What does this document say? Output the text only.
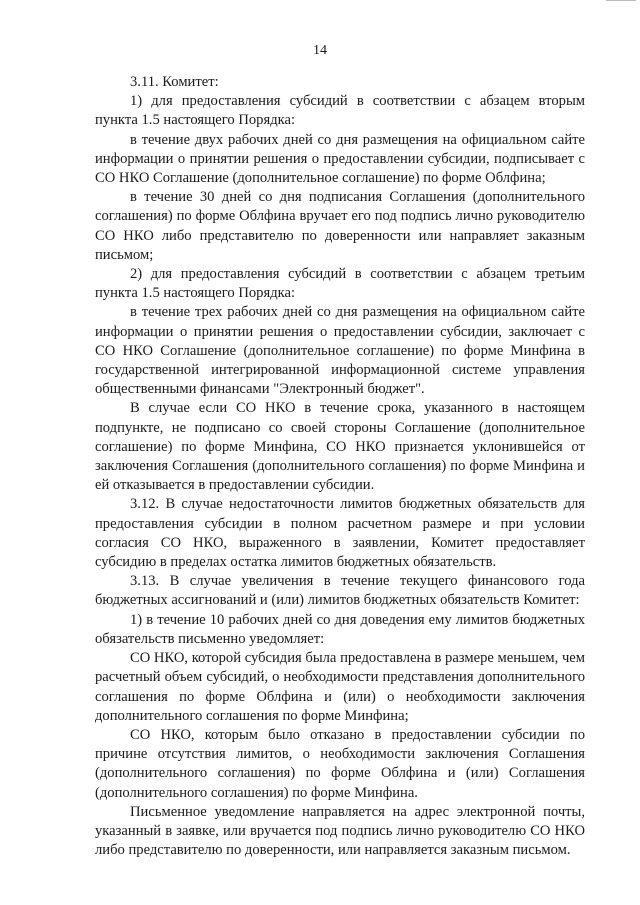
14

3.11. Комитет:

1) для предоставления субсидий в соответствии с абзацем вторым пункта 1.5 настоящего Порядка:

в течение двух рабочих дней со дня размещения на официальном сайте информации о принятии решения о предоставлении субсидии, подписывает с СО НКО Соглашение (дополнительное соглашение) по форме Облфина;

в течение 30 дней со дня подписания Соглашения (дополнительного соглашения) по форме Облфина вручает его под подпись лично руководителю СО НКО либо представителю по доверенности или направляет заказным письмом;

2) для предоставления субсидий в соответствии с абзацем третьим пункта 1.5 настоящего Порядка:

в течение трех рабочих дней со дня размещения на официальном сайте информации о принятии решения о предоставлении субсидии, заключает с СО НКО Соглашение (дополнительное соглашение) по форме Минфина в государственной интегрированной информационной системе управления общественными финансами "Электронный бюджет".

В случае если СО НКО в течение срока, указанного в настоящем подпункте, не подписано со своей стороны Соглашение (дополнительное соглашение) по форме Минфина, СО НКО признается уклонившейся от заключения Соглашения (дополнительного соглашения) по форме Минфина и ей отказывается в предоставлении субсидии.

3.12. В случае недостаточности лимитов бюджетных обязательств для предоставления субсидии в полном расчетном размере и при условии согласия СО НКО, выраженного в заявлении, Комитет предоставляет субсидию в пределах остатка лимитов бюджетных обязательств.

3.13. В случае увеличения в течение текущего финансового года бюджетных ассигнований и (или) лимитов бюджетных обязательств Комитет:

1) в течение 10 рабочих дней со дня доведения ему лимитов бюджетных обязательств письменно уведомляет:

СО НКО, которой субсидия была предоставлена в размере меньшем, чем расчетный объем субсидий, о необходимости представления дополнительного соглашения по форме Облфина и (или) о необходимости заключения дополнительного соглашения по форме Минфина;

СО НКО, которым было отказано в предоставлении субсидии по причине отсутствия лимитов, о необходимости заключения Соглашения (дополнительного соглашения) по форме Облфина и (или) Соглашения (дополнительного соглашения) по форме Минфина.

Письменное уведомление направляется на адрес электронной почты, указанный в заявке, или вручается под подпись лично руководителю СО НКО либо представителю по доверенности, или направляется заказным письмом.
